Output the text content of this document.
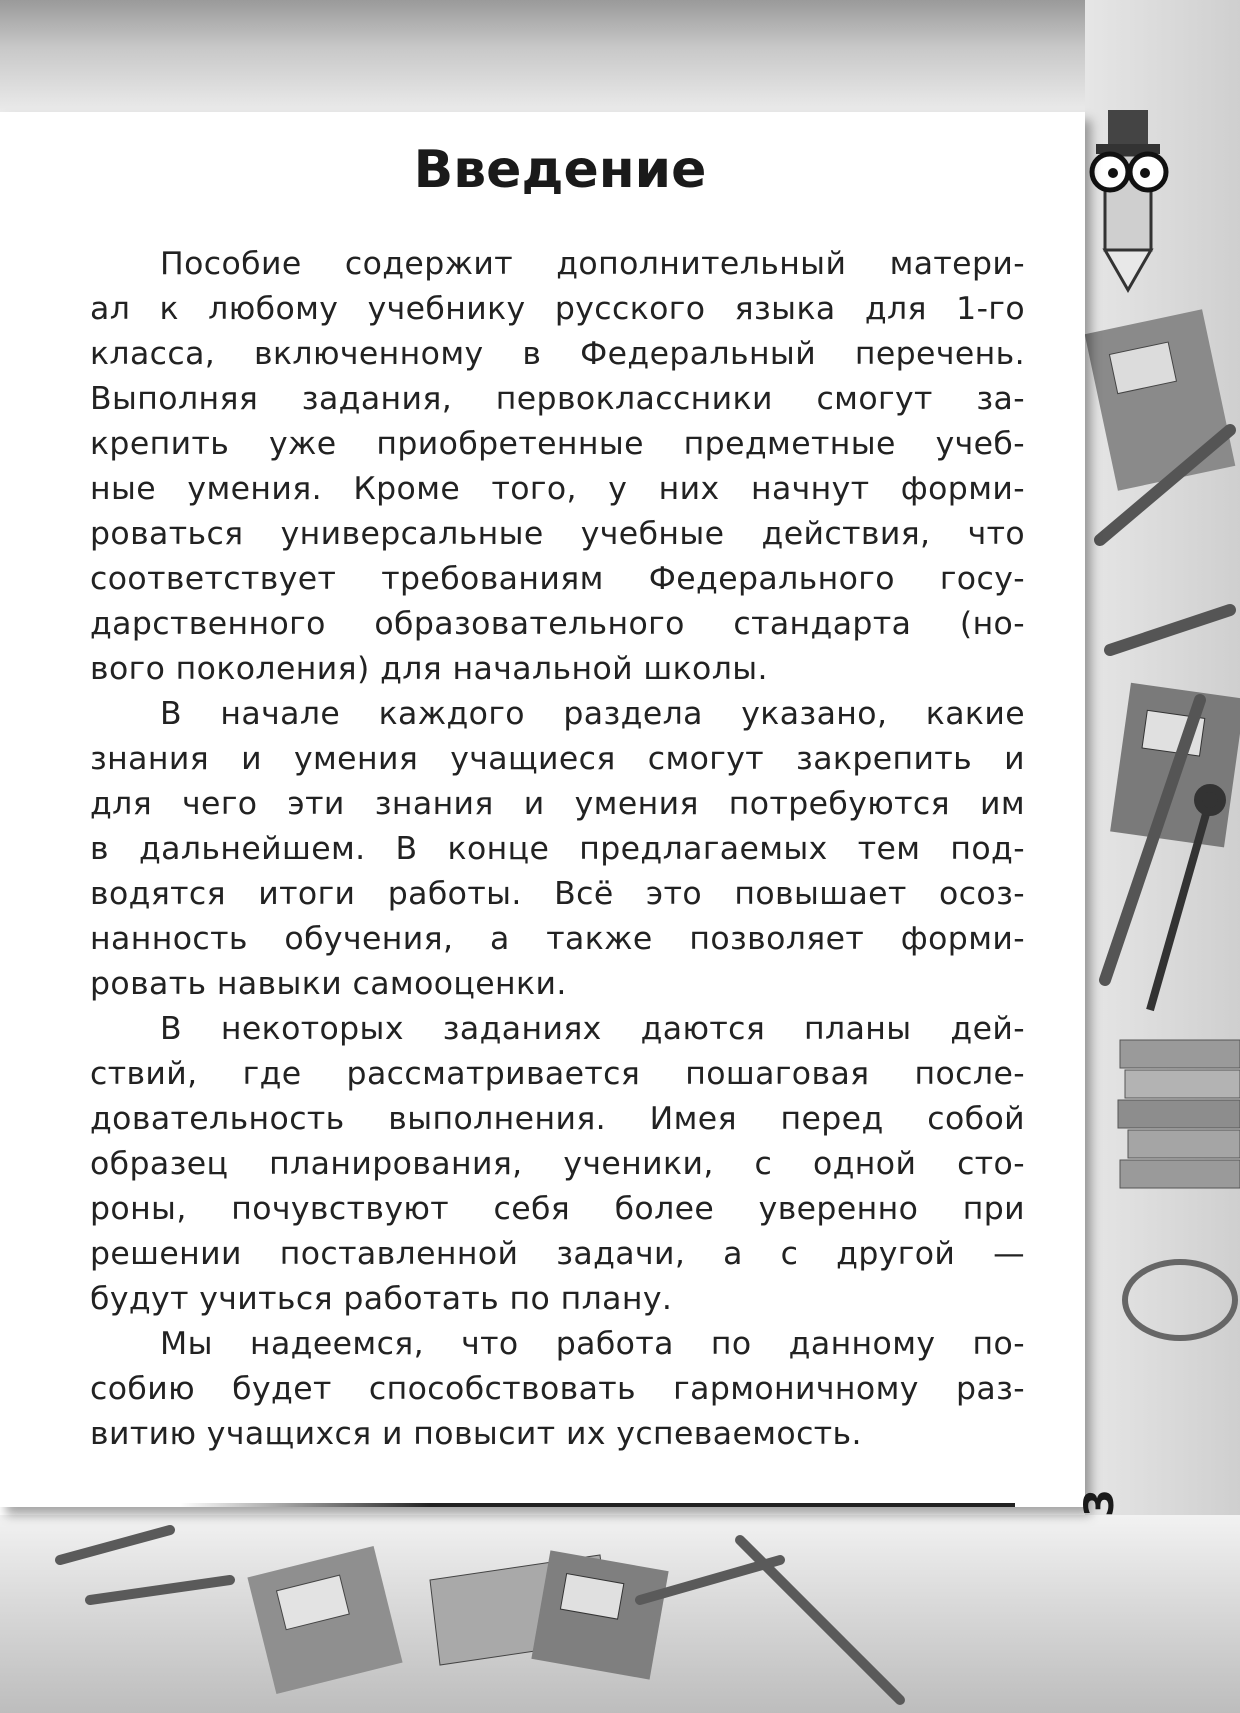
Введение

Пособие содержит дополнительный матери-
ал к любому учебнику русского языка для 1-го
класса, включенному в Федеральный перечень.
Выполняя задания, первоклассники смогут за-
крепить уже приобретенные предметные учеб-
ные умения. Кроме того, у них начнут форми-
роваться универсальные учебные действия, что
соответствует требованиям Федерального госу-
дарственного образовательного стандарта (но-
вого поколения) для начальной школы.

В начале каждого раздела указано, какие
знания и умения учащиеся смогут закрепить и
для чего эти знания и умения потребуются им
в дальнейшем. В конце предлагаемых тем под-
водятся итоги работы. Всё это повышает осоз-
нанность обучения, а также позволяет форми-
ровать навыки самооценки.

В некоторых заданиях даются планы дей-
ствий, где рассматривается пошаговая после-
довательность выполнения. Имея перед собой
образец планирования, ученики, с одной сто-
роны, почувствуют себя более уверенно при
решении поставленной задачи, а с другой —
будут учиться работать по плану.

Мы надеемся, что работа по данному по-
собию будет способствовать гармоничному раз-
витию учащихся и повысит их успеваемость.

3
